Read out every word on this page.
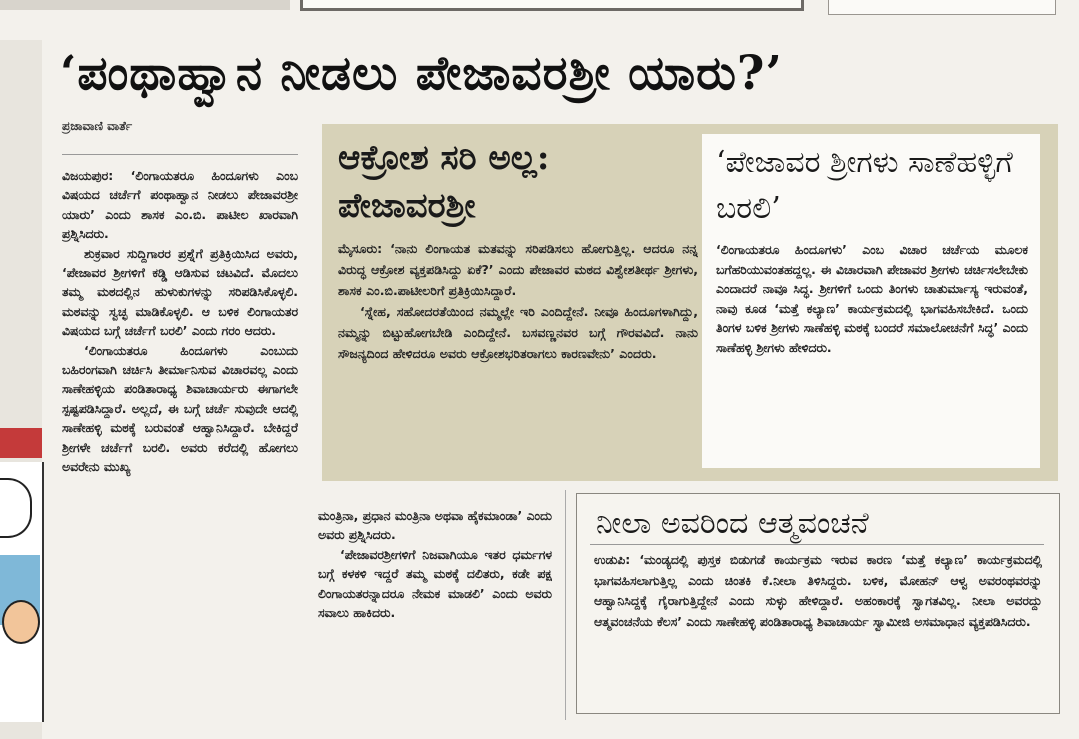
‘ಪಂಥಾಹ್ವಾನ ನೀಡಲು ಪೇಜಾವರಶ್ರೀ ಯಾರು?’
ಪ್ರಜಾವಾಣಿ ವಾರ್ತೆ

ವಿಜಯಪುರ: ‘ಲಿಂಗಾಯತರೂ ಹಿಂದೂಗಳು ಎಂಬ ವಿಷಯದ ಚರ್ಚೆಗೆ ಪಂಥಾಹ್ವಾನ ನೀಡಲು ಪೇಜಾವರಶ್ರೀ ಯಾರು’ ಎಂದು ಶಾಸಕ ಎಂ.ಬಿ. ಪಾಟೀಲ ಖಾರವಾಗಿ ಪ್ರಶ್ನಿಸಿದರು.

ಶುಕ್ರವಾರ ಸುದ್ದಿಗಾರರ ಪ್ರಶ್ನೆಗೆ ಪ್ರತಿಕ್ರಿಯಿಸಿದ ಅವರು, ‘ಪೇಜಾವರ ಶ್ರೀಗಳಿಗೆ ಕಡ್ಡಿ ಆಡಿಸುವ ಚಟವಿದೆ. ಮೊದಲು ತಮ್ಮ ಮಠದಲ್ಲಿನ ಹುಳುಕುಗಳನ್ನು ಸರಿಪಡಿಸಿಕೊಳ್ಳಲಿ. ಮಠವನ್ನು ಸ್ವಚ್ಛ ಮಾಡಿಕೊಳ್ಳಲಿ. ಆ ಬಳಿಕ ಲಿಂಗಾಯತರ ವಿಷಯದ ಬಗ್ಗೆ ಚರ್ಚೆಗೆ ಬರಲಿ’ ಎಂದು ಗರಂ ಆದರು.

‘ಲಿಂಗಾಯತರೂ ಹಿಂದೂಗಳು ಎಂಬುದು ಬಹಿರಂಗವಾಗಿ ಚರ್ಚಿಸಿ ತೀರ್ಮಾನಿಸುವ ವಿಚಾರವಲ್ಲ ಎಂದು ಸಾಣೇಹಳ್ಳಿಯ ಪಂಡಿತಾರಾಧ್ಯ ಶಿವಾಚಾರ್ಯರು ಈಗಾಗಲೇ ಸ್ಪಷ್ಟಪಡಿಸಿದ್ದಾರೆ. ಅಲ್ಲದೆ, ಈ ಬಗ್ಗೆ ಚರ್ಚೆ ಸುವುದೇ ಆದಲ್ಲಿ ಸಾಣೇಹಳ್ಳಿ ಮಠಕ್ಕೆ ಬರುವಂತೆ ಆಹ್ವಾನಿಸಿದ್ದಾರೆ. ಬೇಕಿದ್ದರೆ ಶ್ರೀಗಳೇ ಚರ್ಚೆಗೆ ಬರಲಿ. ಅವರು ಕರೆದಲ್ಲಿ ಹೋಗಲು ಅವರೇನು ಮುಖ್ಯ

ಮಂತ್ರಿನಾ, ಪ್ರಧಾನ ಮಂತ್ರಿನಾ ಅಥವಾ ಹೈಕಮಾಂಡಾ’ ಎಂದು ಅವರು ಪ್ರಶ್ನಿಸಿದರು.

‘ಪೇಜಾವರಶ್ರೀಗಳಿಗೆ ನಿಜವಾಗಿಯೂ ಇತರ ಧರ್ಮಗಳ ಬಗ್ಗೆ ಕಳಕಳಿ ಇದ್ದರೆ ತಮ್ಮ ಮಠಕ್ಕೆ ದಲಿತರು, ಕಡೇ ಪಕ್ಷ ಲಿಂಗಾಯತರನ್ನಾದರೂ ನೇಮಕ ಮಾಡಲಿ’ ಎಂದು ಅವರು ಸವಾಲು ಹಾಕಿದರು.

ಆಕ್ರೋಶ ಸರಿ ಅಲ್ಲ: ಪೇಜಾವರಶ್ರೀ

ಮೈಸೂರು: ‘ನಾನು ಲಿಂಗಾಯತ ಮತವನ್ನು ಸರಿಪಡಿಸಲು ಹೋಗುತ್ತಿಲ್ಲ. ಆದರೂ ನನ್ನ ವಿರುದ್ಧ ಆಕ್ರೋಶ ವ್ಯಕ್ತಪಡಿಸಿದ್ದು ಏಕೆ?’ ಎಂದು ಪೇಜಾವರ ಮಠದ ವಿಶ್ವೇಶತೀರ್ಥ ಶ್ರೀಗಳು, ಶಾಸಕ ಎಂ.ಬಿ.ಪಾಟೀಲರಿಗೆ ಪ್ರತಿಕ್ರಿಯಿಸಿದ್ದಾರೆ.

‘ಸ್ನೇಹ, ಸಹೋದರತೆಯಿಂದ ನಮ್ಮಲ್ಲೇ ಇರಿ ಎಂದಿದ್ದೇನೆ. ನೀವೂ ಹಿಂದೂಗಳಾಗಿದ್ದು, ನಮ್ಮನ್ನು ಬಿಟ್ಟುಹೋಗಬೇಡಿ ಎಂದಿದ್ದೇನೆ. ಬಸವಣ್ಣನವರ ಬಗ್ಗೆ ಗೌರವವಿದೆ. ನಾನು ಸೌಜನ್ಯದಿಂದ ಹೇಳಿದರೂ ಅವರು ಆಕ್ರೋಶಭರಿತರಾಗಲು ಕಾರಣವೇನು’ ಎಂದರು.

‘ಪೇಜಾವರ ಶ್ರೀಗಳು ಸಾಣೆಹಳ್ಳಿಗೆ ಬರಲಿ’

‘ಲಿಂಗಾಯತರೂ ಹಿಂದೂಗಳು’ ಎಂಬ ವಿಚಾರ ಚರ್ಚೆಯ ಮೂಲಕ ಬಗೆಹರಿಯುವಂತಹದ್ದಲ್ಲ. ಈ ವಿಚಾರವಾಗಿ ಪೇಜಾವರ ಶ್ರೀಗಳು ಚರ್ಚಿಸಲೇಬೇಕು ಎಂದಾದರೆ ನಾವೂ ಸಿದ್ಧ. ಶ್ರೀಗಳಿಗೆ ಒಂದು ತಿಂಗಳು ಚಾತುರ್ಮಾಸ್ಯ ಇರುವಂತೆ, ನಾವು ಕೂಡ ‘ಮತ್ತೆ ಕಲ್ಯಾಣ’ ಕಾರ್ಯಕ್ರಮದಲ್ಲಿ ಭಾಗವಹಿಸಬೇಕಿದೆ. ಒಂದು ತಿಂಗಳ ಬಳಿಕ ಶ್ರೀಗಳು ಸಾಣೆಹಳ್ಳಿ ಮಠಕ್ಕೆ ಬಂದರೆ ಸಮಾಲೋಚನೆಗೆ ಸಿದ್ಧ’ ಎಂದು ಸಾಣೆಹಳ್ಳಿ ಶ್ರೀಗಳು ಹೇಳಿದರು.

ನೀಲಾ ಅವರಿಂದ ಆತ್ಮವಂಚನೆ

ಉಡುಪಿ: ‘ಮಂಡ್ಯದಲ್ಲಿ ಪುಸ್ತಕ ಬಿಡುಗಡೆ ಕಾರ್ಯಕ್ರಮ ಇರುವ ಕಾರಣ ‘ಮತ್ತೆ ಕಲ್ಯಾಣ’ ಕಾರ್ಯಕ್ರಮದಲ್ಲಿ ಭಾಗವಹಿಸಲಾಗುತ್ತಿಲ್ಲ ಎಂದು ಚಿಂತಕಿ ಕೆ.ನೀಲಾ ತಿಳಿಸಿದ್ದರು. ಬಳಿಕ, ಮೋಹನ್ ಆಳ್ವ ಅವರಂಥವರನ್ನು ಆಹ್ವಾನಿಸಿದ್ದಕ್ಕೆ ಗೈರಾಗುತ್ತಿದ್ದೇನೆ ಎಂದು ಸುಳ್ಳು ಹೇಳಿದ್ದಾರೆ. ಅಹಂಕಾರಕ್ಕೆ ಸ್ವಾಗತವಿಲ್ಲ. ನೀಲಾ ಅವರದ್ದು ಆತ್ಮವಂಚನೆಯ ಕೆಲಸ’ ಎಂದು ಸಾಣೇಹಳ್ಳಿ ಪಂಡಿತಾರಾಧ್ಯ ಶಿವಾಚಾರ್ಯ ಸ್ವಾಮೀಜಿ ಅಸಮಾಧಾನ ವ್ಯಕ್ತಪಡಿಸಿದರು.
